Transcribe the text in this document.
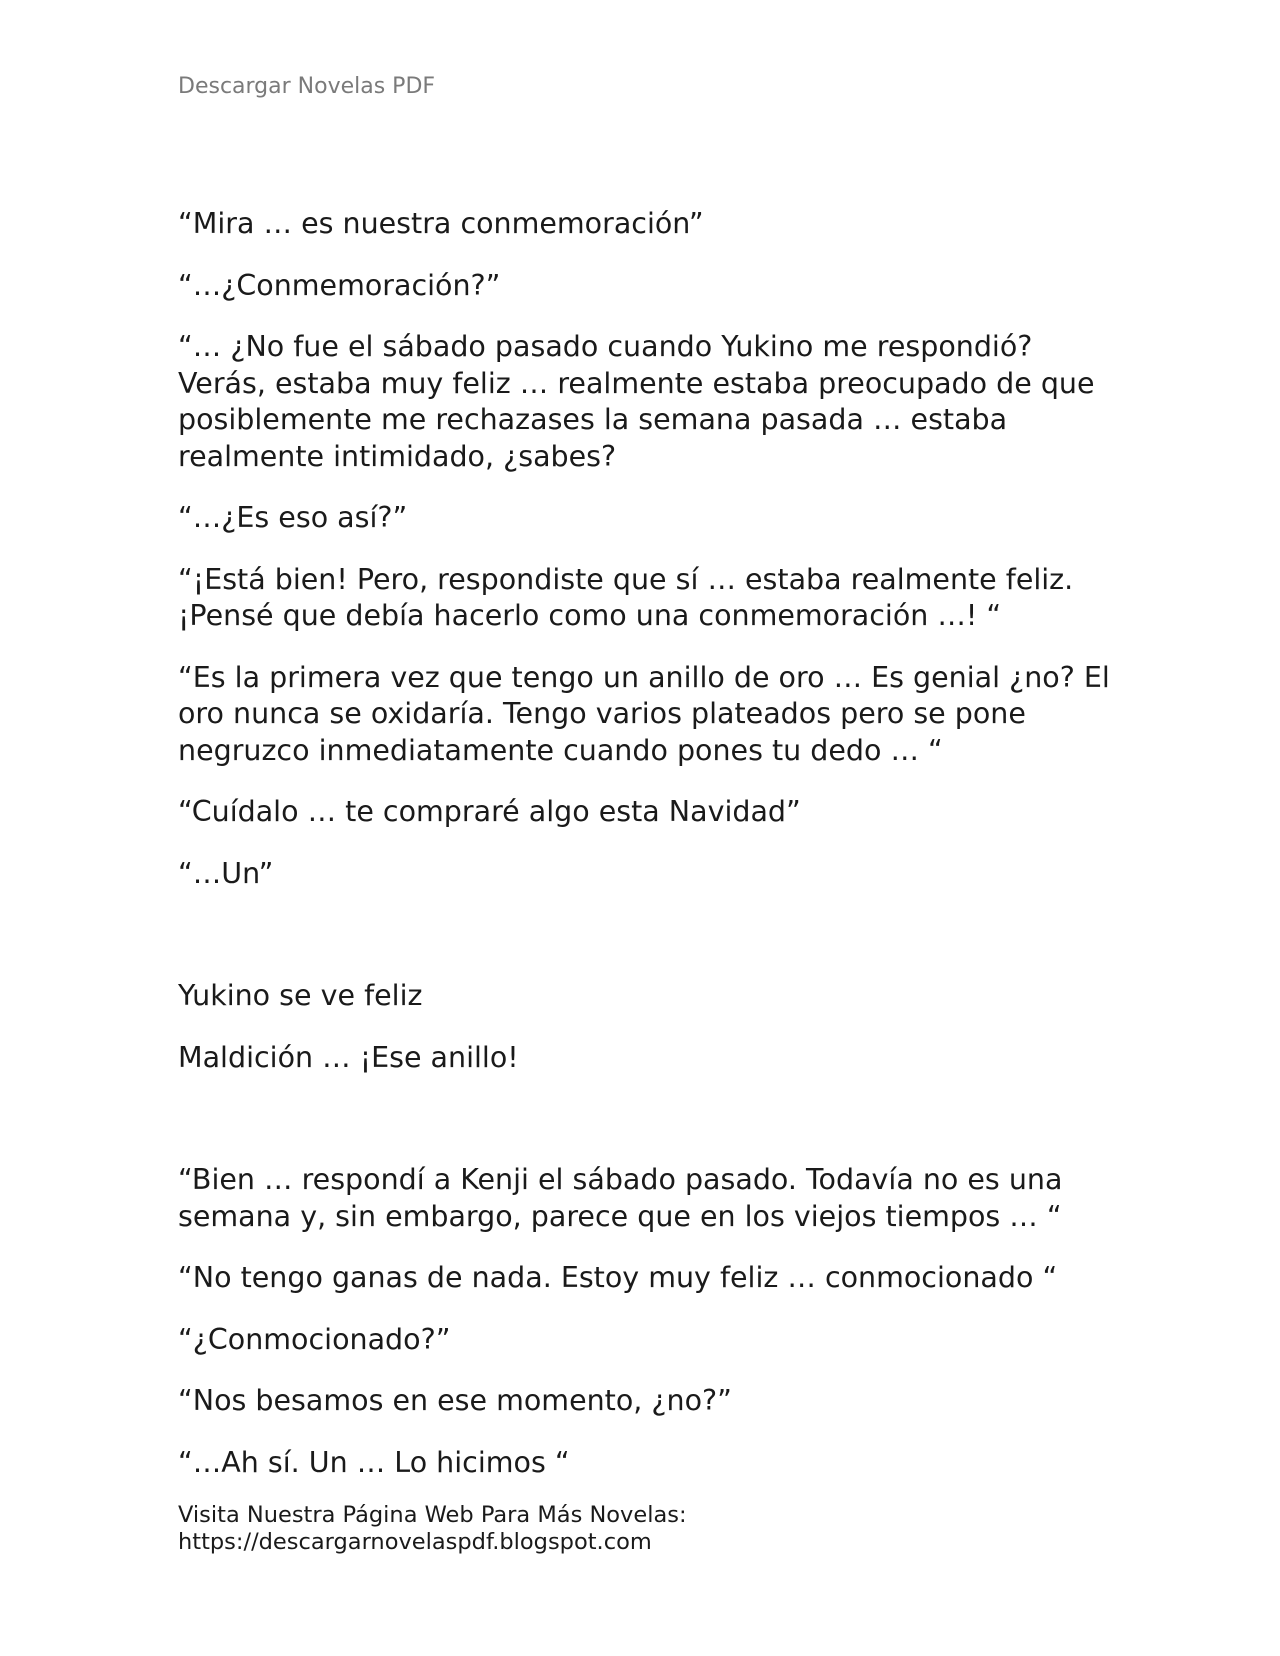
Descargar Novelas PDF

“Mira … es nuestra conmemoración”

“…¿Conmemoración?”

“… ¿No fue el sábado pasado cuando Yukino me respondió? Verás, estaba muy feliz … realmente estaba preocupado de que posiblemente me rechazases la semana pasada … estaba realmente intimidado, ¿sabes?

“…¿Es eso así?”

“¡Está bien! Pero, respondiste que sí … estaba realmente feliz. ¡Pensé que debía hacerlo como una conmemoración …! “

“Es la primera vez que tengo un anillo de oro … Es genial ¿no? El oro nunca se oxidaría. Tengo varios plateados pero se pone negruzco inmediatamente cuando pones tu dedo … “

“Cuídalo … te compraré algo esta Navidad”

“…Un”

Yukino se ve feliz

Maldición … ¡Ese anillo!

“Bien … respondí a Kenji el sábado pasado. Todavía no es una semana y, sin embargo, parece que en los viejos tiempos … “

“No tengo ganas de nada. Estoy muy feliz … conmocionado “

“¿Conmocionado?”

“Nos besamos en ese momento, ¿no?”

“…Ah sí. Un … Lo hicimos “

Visita Nuestra Página Web Para Más Novelas:
https://descargarnovelaspdf.blogspot.com
